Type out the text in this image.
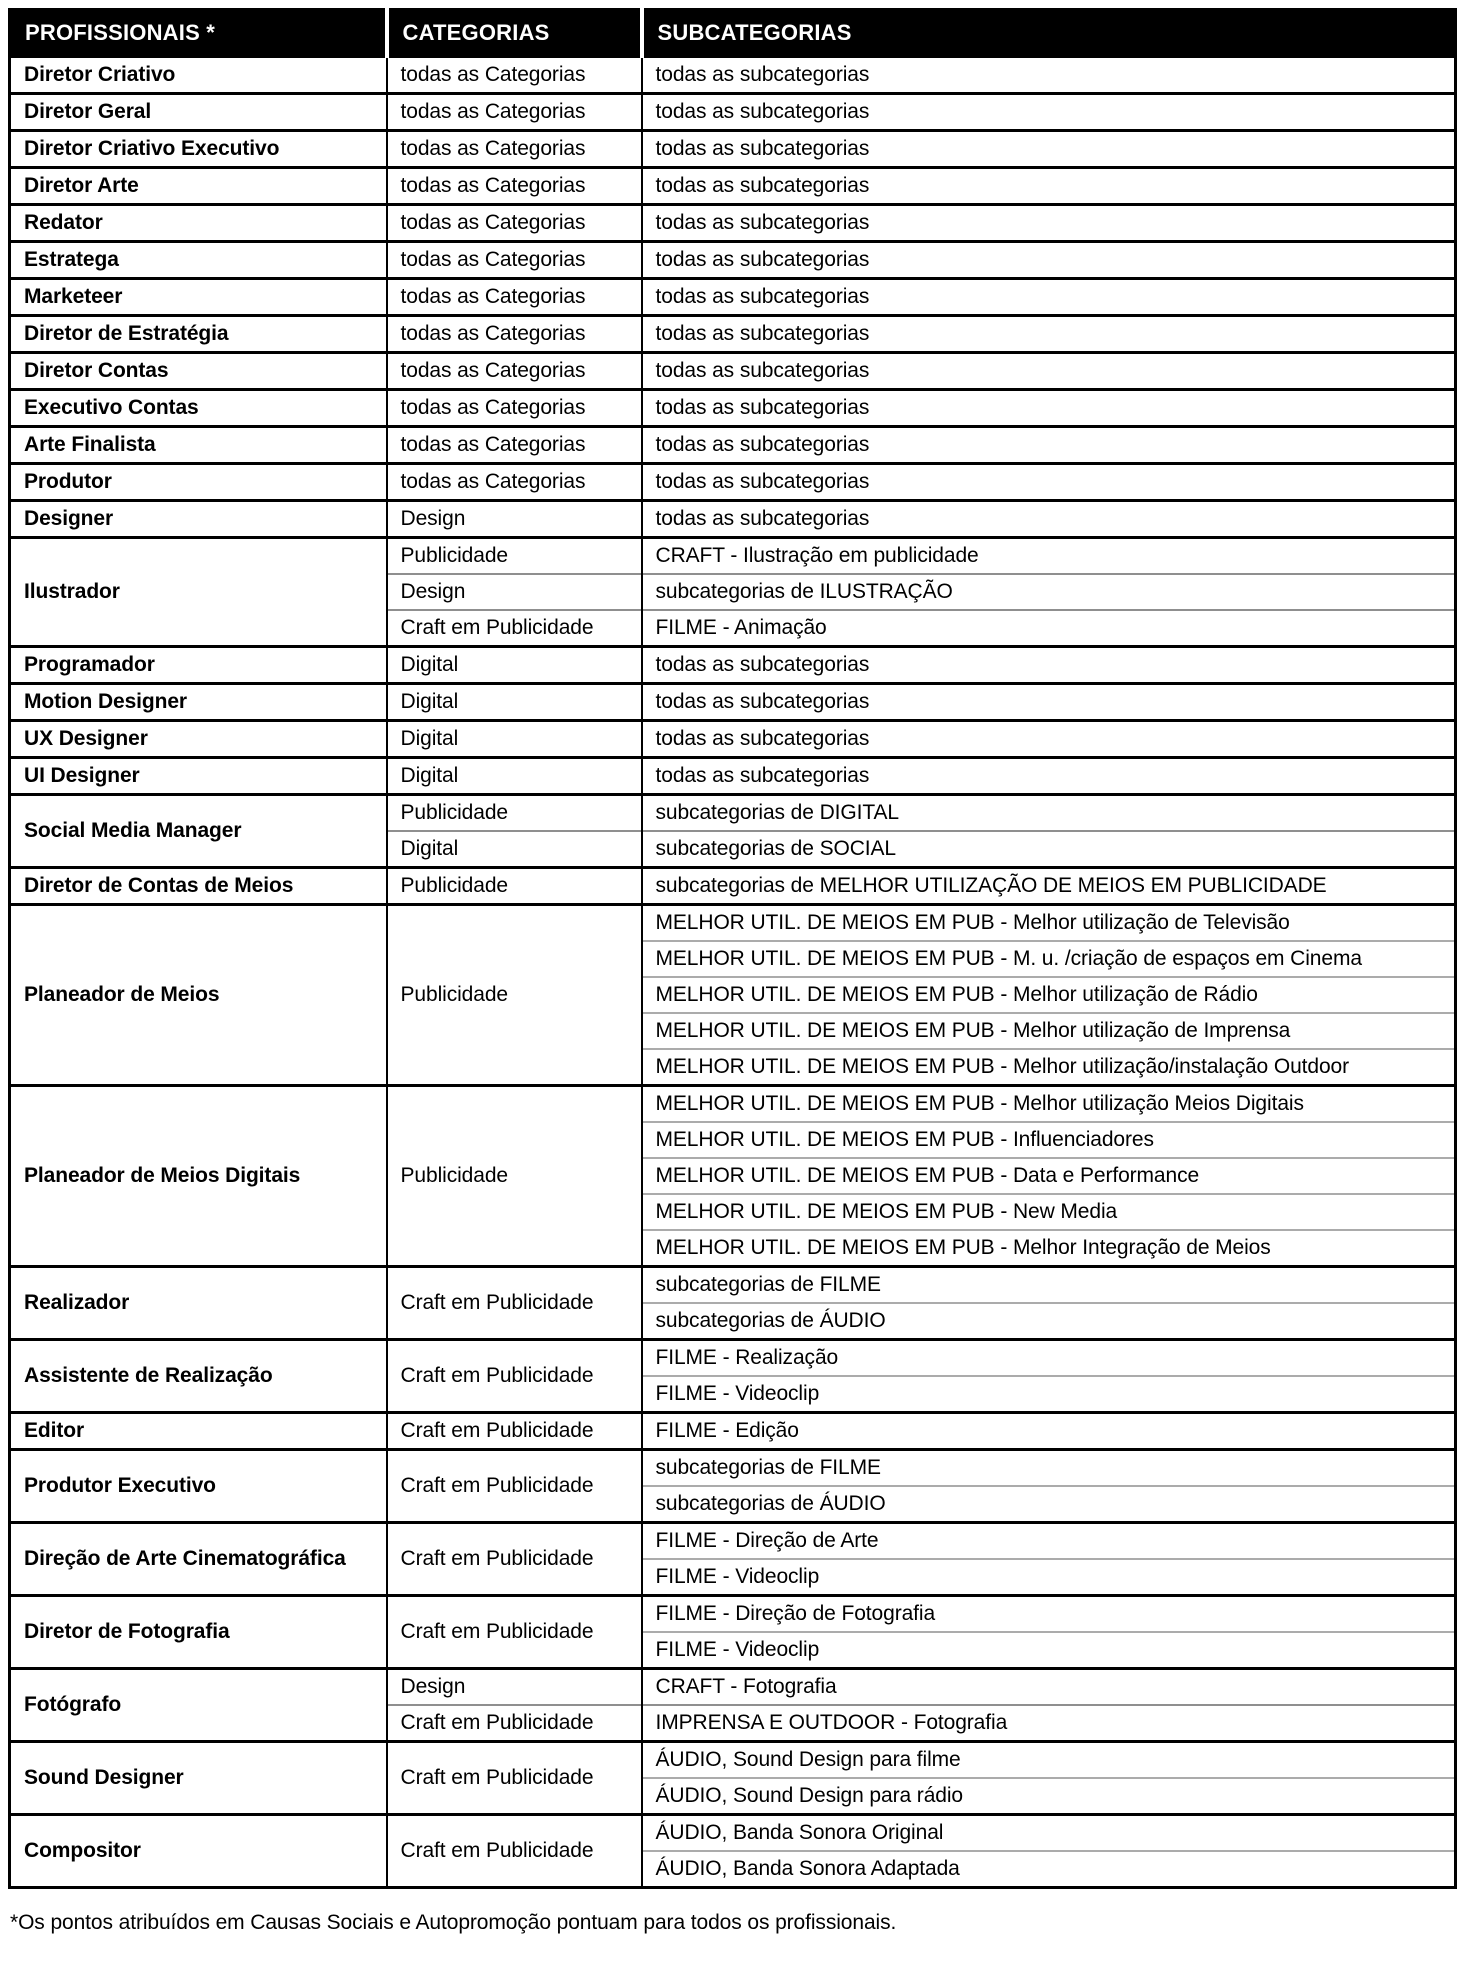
PROFISSIONAIS *	CATEGORIAS	SUBCATEGORIAS
Diretor Criativo	todas as Categorias	todas as subcategorias
Diretor Geral	todas as Categorias	todas as subcategorias
Diretor Criativo Executivo	todas as Categorias	todas as subcategorias
Diretor Arte	todas as Categorias	todas as subcategorias
Redator	todas as Categorias	todas as subcategorias
Estratega	todas as Categorias	todas as subcategorias
Marketeer	todas as Categorias	todas as subcategorias
Diretor de Estratégia	todas as Categorias	todas as subcategorias
Diretor Contas	todas as Categorias	todas as subcategorias
Executivo Contas	todas as Categorias	todas as subcategorias
Arte Finalista	todas as Categorias	todas as subcategorias
Produtor	todas as Categorias	todas as subcategorias
Designer	Design	todas as subcategorias
Ilustrador	Publicidade	CRAFT - Ilustração em publicidade
	Design	subcategorias de ILUSTRAÇÃO
	Craft em Publicidade	FILME - Animação
Programador	Digital	todas as subcategorias
Motion Designer	Digital	todas as subcategorias
UX Designer	Digital	todas as subcategorias
UI Designer	Digital	todas as subcategorias
Social Media Manager	Publicidade	subcategorias de DIGITAL
	Digital	subcategorias de SOCIAL
Diretor de Contas de Meios	Publicidade	subcategorias de MELHOR UTILIZAÇÃO DE MEIOS EM PUBLICIDADE
Planeador de Meios	Publicidade	MELHOR UTIL. DE MEIOS EM PUB - Melhor utilização de Televisão
		MELHOR UTIL. DE MEIOS EM PUB - M. u. /criação de espaços em Cinema
		MELHOR UTIL. DE MEIOS EM PUB - Melhor utilização de Rádio
		MELHOR UTIL. DE MEIOS EM PUB - Melhor utilização de Imprensa
		MELHOR UTIL. DE MEIOS EM PUB - Melhor utilização/instalação Outdoor
Planeador de Meios Digitais	Publicidade	MELHOR UTIL. DE MEIOS EM PUB - Melhor utilização Meios Digitais
		MELHOR UTIL. DE MEIOS EM PUB - Influenciadores
		MELHOR UTIL. DE MEIOS EM PUB - Data e Performance
		MELHOR UTIL. DE MEIOS EM PUB - New Media
		MELHOR UTIL. DE MEIOS EM PUB - Melhor Integração de Meios
Realizador	Craft em Publicidade	subcategorias de FILME
		subcategorias de ÁUDIO
Assistente de Realização	Craft em Publicidade	FILME - Realização
		FILME - Videoclip
Editor	Craft em Publicidade	FILME - Edição
Produtor Executivo	Craft em Publicidade	subcategorias de FILME
		subcategorias de ÁUDIO
Direção de Arte Cinematográfica	Craft em Publicidade	FILME - Direção de Arte
		FILME - Videoclip
Diretor de Fotografia	Craft em Publicidade	FILME - Direção de Fotografia
		FILME - Videoclip
Fotógrafo	Design	CRAFT - Fotografia
	Craft em Publicidade	IMPRENSA E OUTDOOR - Fotografia
Sound Designer	Craft em Publicidade	ÁUDIO, Sound Design para filme
		ÁUDIO, Sound Design para rádio
Compositor	Craft em Publicidade	ÁUDIO, Banda Sonora Original
		ÁUDIO, Banda Sonora Adaptada

*Os pontos atribuídos em Causas Sociais e Autopromoção pontuam para todos os profissionais.
